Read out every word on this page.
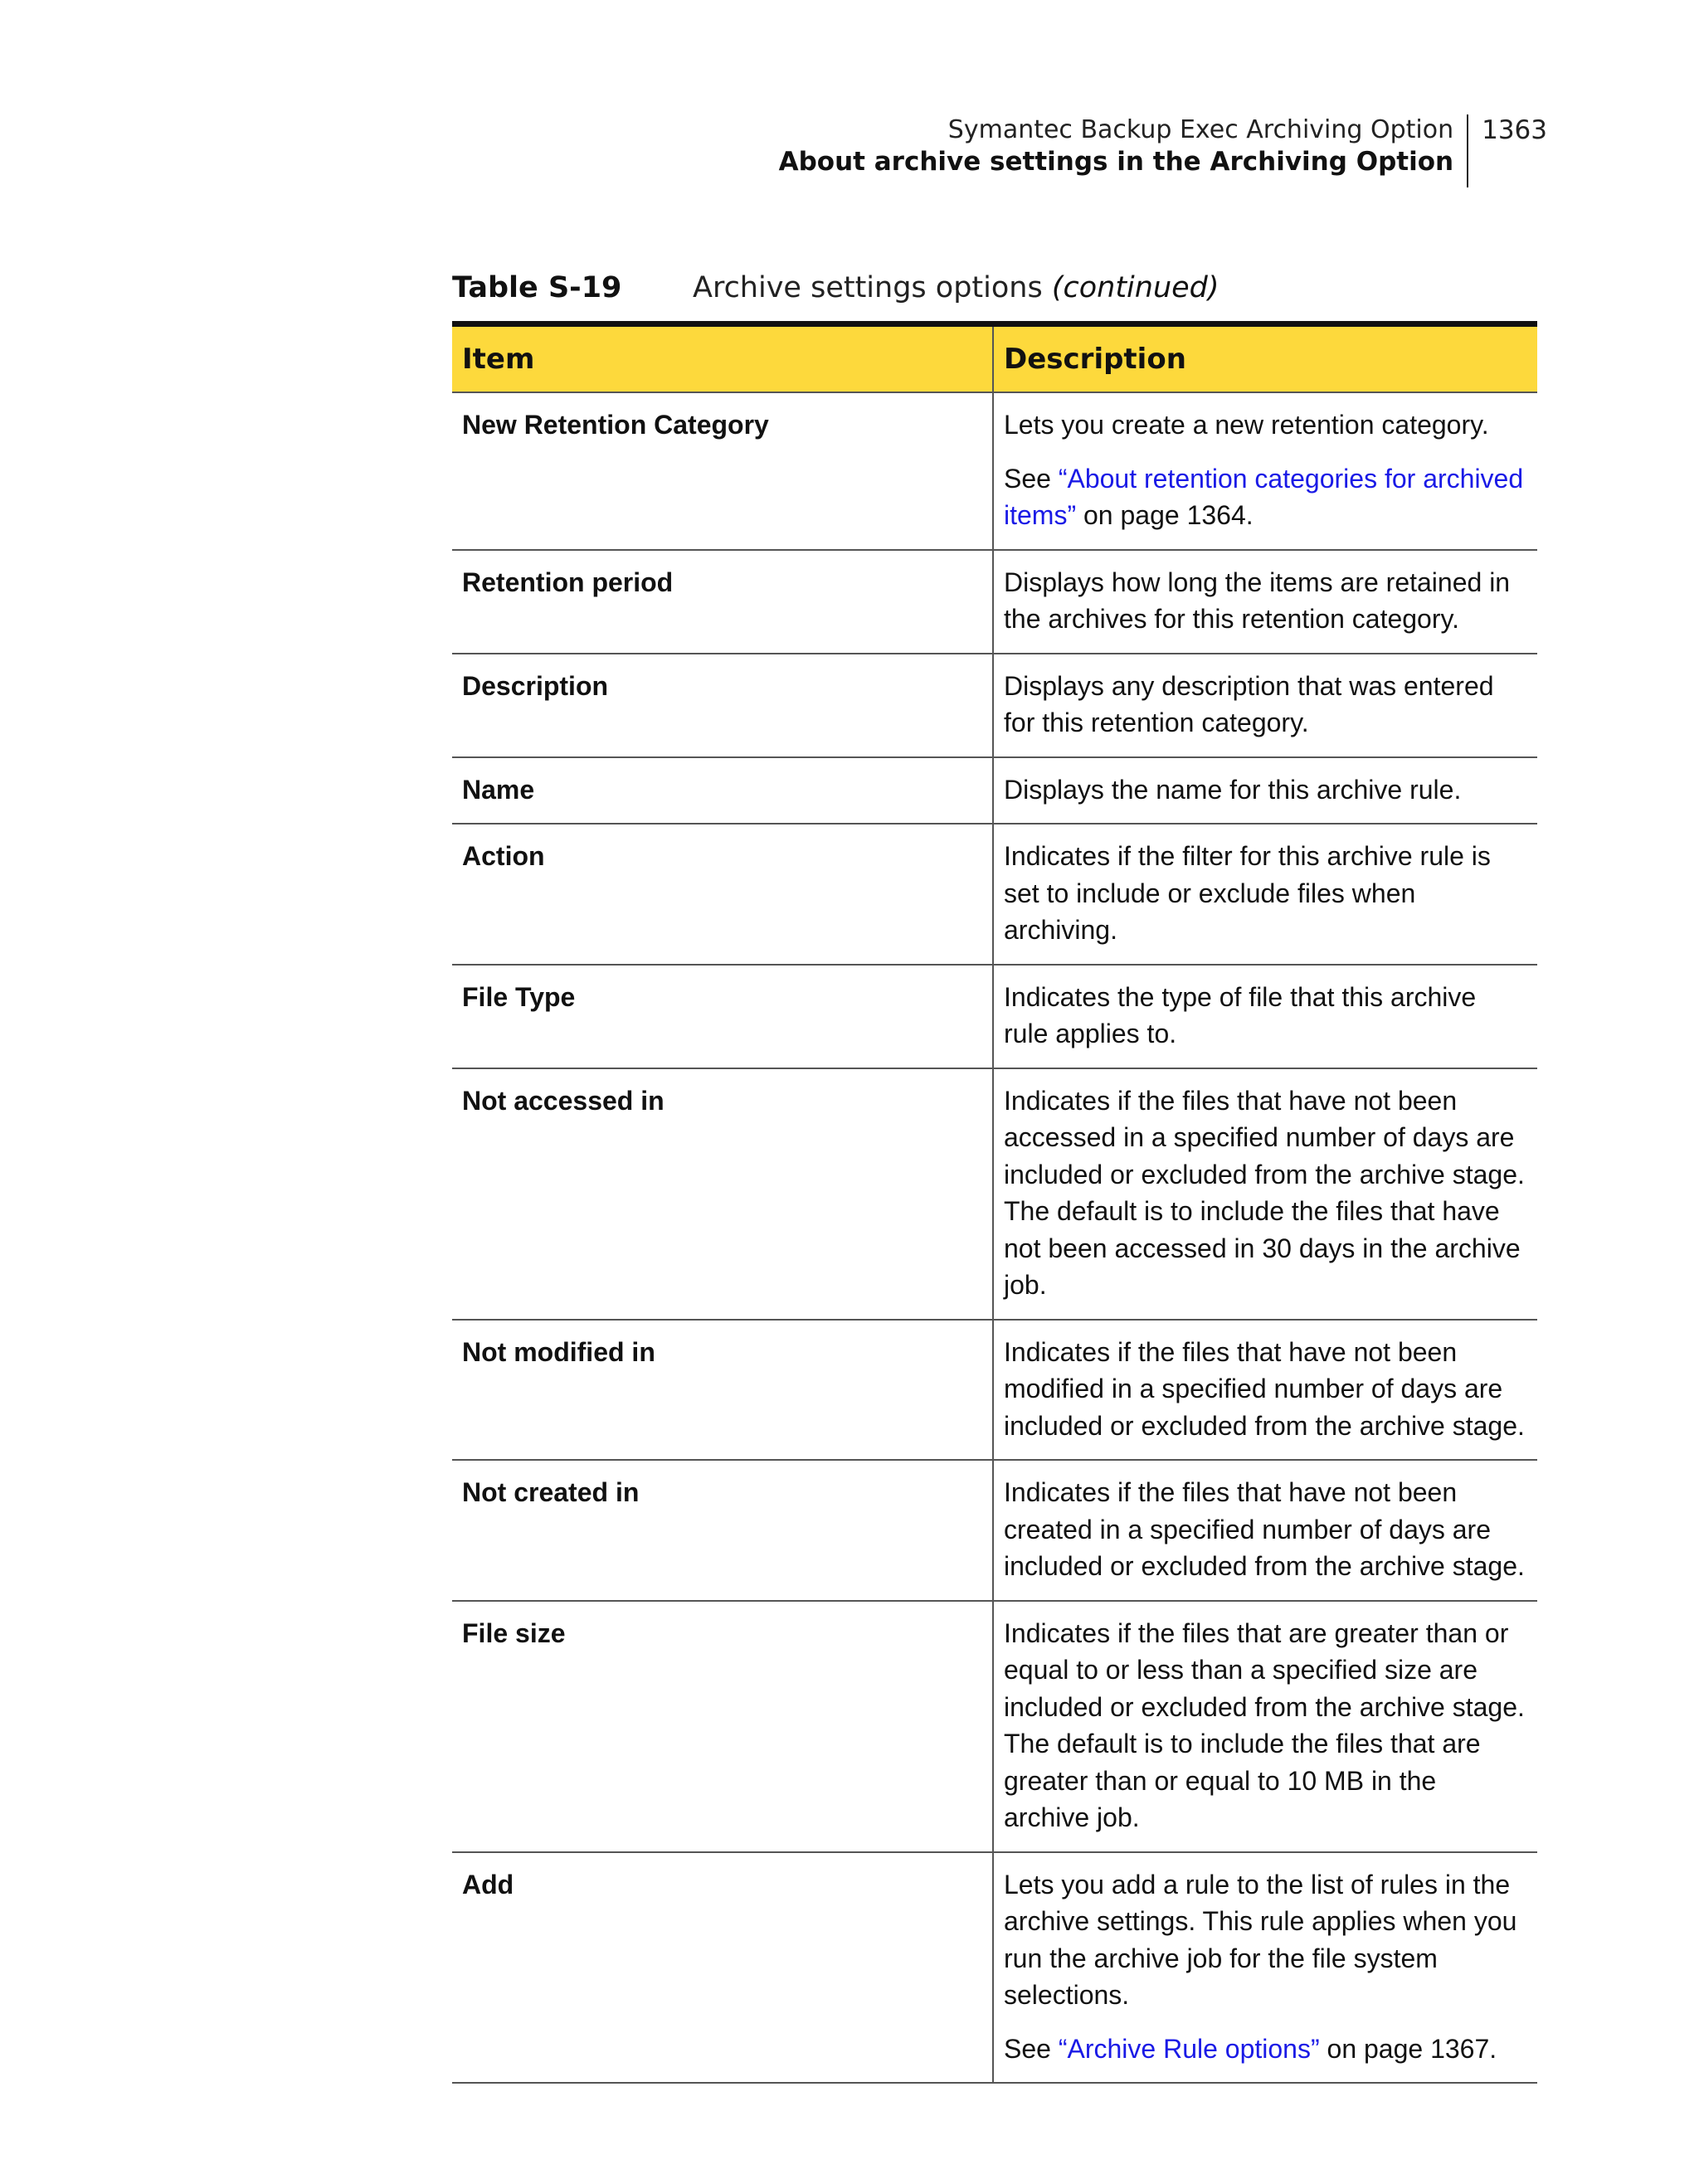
Symantec Backup Exec Archiving Option
About archive settings in the Archiving Option
1363
Table S-19 Archive settings options (continued)
Item	Description
New Retention Category	Lets you create a new retention category.

See “About retention categories for archived items” on page 1364.

Retention period	Displays how long the items are retained in the archives for this retention category.
Description	Displays any description that was entered for this retention category.
Name	Displays the name for this archive rule.
Action	Indicates if the filter for this archive rule is set to include or exclude files when archiving.
File Type	Indicates the type of file that this archive rule applies to.
Not accessed in	Indicates if the files that have not been accessed in a specified number of days are included or excluded from the archive stage. The default is to include the files that have not been accessed in 30 days in the archive job.
Not modified in	Indicates if the files that have not been modified in a specified number of days are included or excluded from the archive stage.
Not created in	Indicates if the files that have not been created in a specified number of days are included or excluded from the archive stage.
File size	Indicates if the files that are greater than or equal to or less than a specified size are included or excluded from the archive stage. The default is to include the files that are greater than or equal to 10 MB in the archive job.
Add	Lets you add a rule to the list of rules in the archive settings. This rule applies when you run the archive job for the file system selections.

See “Archive Rule options” on page 1367.
